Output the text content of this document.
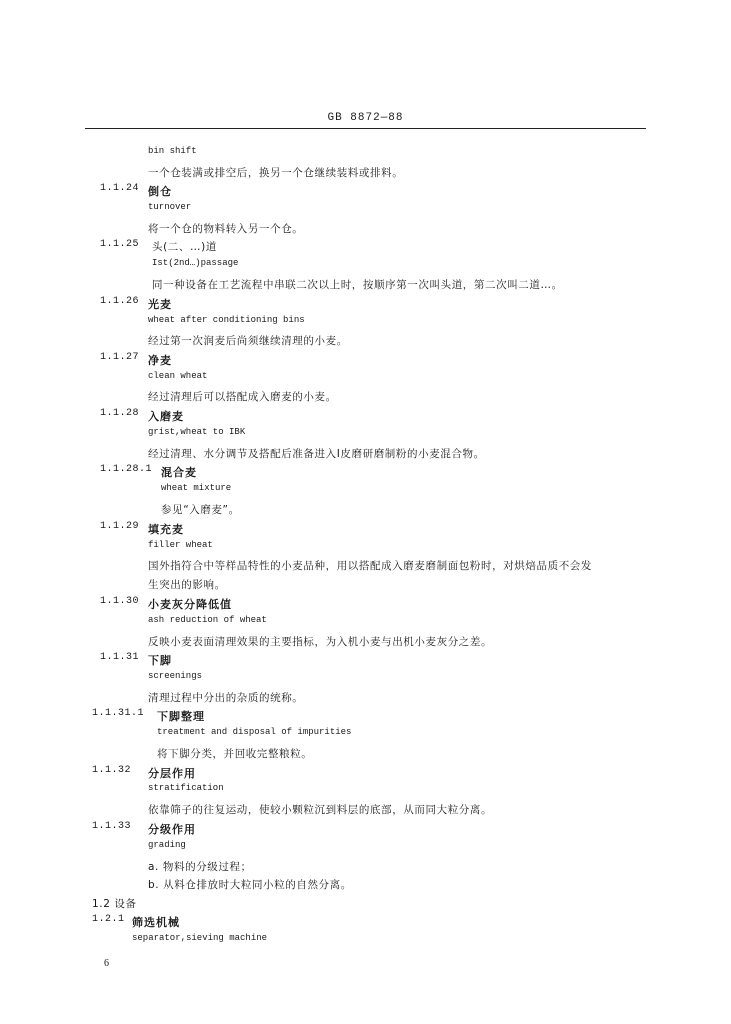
GB 8872—88
bin shift
一个仓装满或排空后，换另一个仓继续装料或排料。
1.1.24 倒仓
turnover
将一个仓的物料转入另一个仓。
1.1.25 头(二、…)道
Ist(2nd…)passage
同一种设备在工艺流程中串联二次以上时，按顺序第一次叫头道，第二次叫二道…。
1.1.26 光麦
wheat after conditioning bins
经过第一次润麦后尚须继续清理的小麦。
1.1.27 净麦
clean wheat
经过清理后可以搭配成入磨麦的小麦。
1.1.28 入磨麦
grist,wheat to IBK
经过清理、水分调节及搭配后准备进入Ⅰ皮磨研磨制粉的小麦混合物。
1.1.28.1 混合麦
wheat mixture
参见“入磨麦”。
1.1.29 填充麦
filler wheat
国外指符合中等样品特性的小麦品种，用以搭配成入磨麦磨制面包粉时，对烘焙品质不会发
生突出的影响。
1.1.30 小麦灰分降低值
ash reduction of wheat
反映小麦表面清理效果的主要指标，为入机小麦与出机小麦灰分之差。
1.1.31 下脚
screenings
清理过程中分出的杂质的统称。
1.1.31.1 下脚整理
treatment and disposal of impurities
将下脚分类，并回收完整粮粒。
1.1.32 分层作用
stratification
依靠筛子的往复运动，使较小颗粒沉到料层的底部，从而同大粒分离。
1.1.33 分级作用
grading
a. 物料的分级过程；
b. 从料仓排放时大粒同小粒的自然分离。
1.2 设备
1.2.1 筛选机械
separator,sieving machine
6
